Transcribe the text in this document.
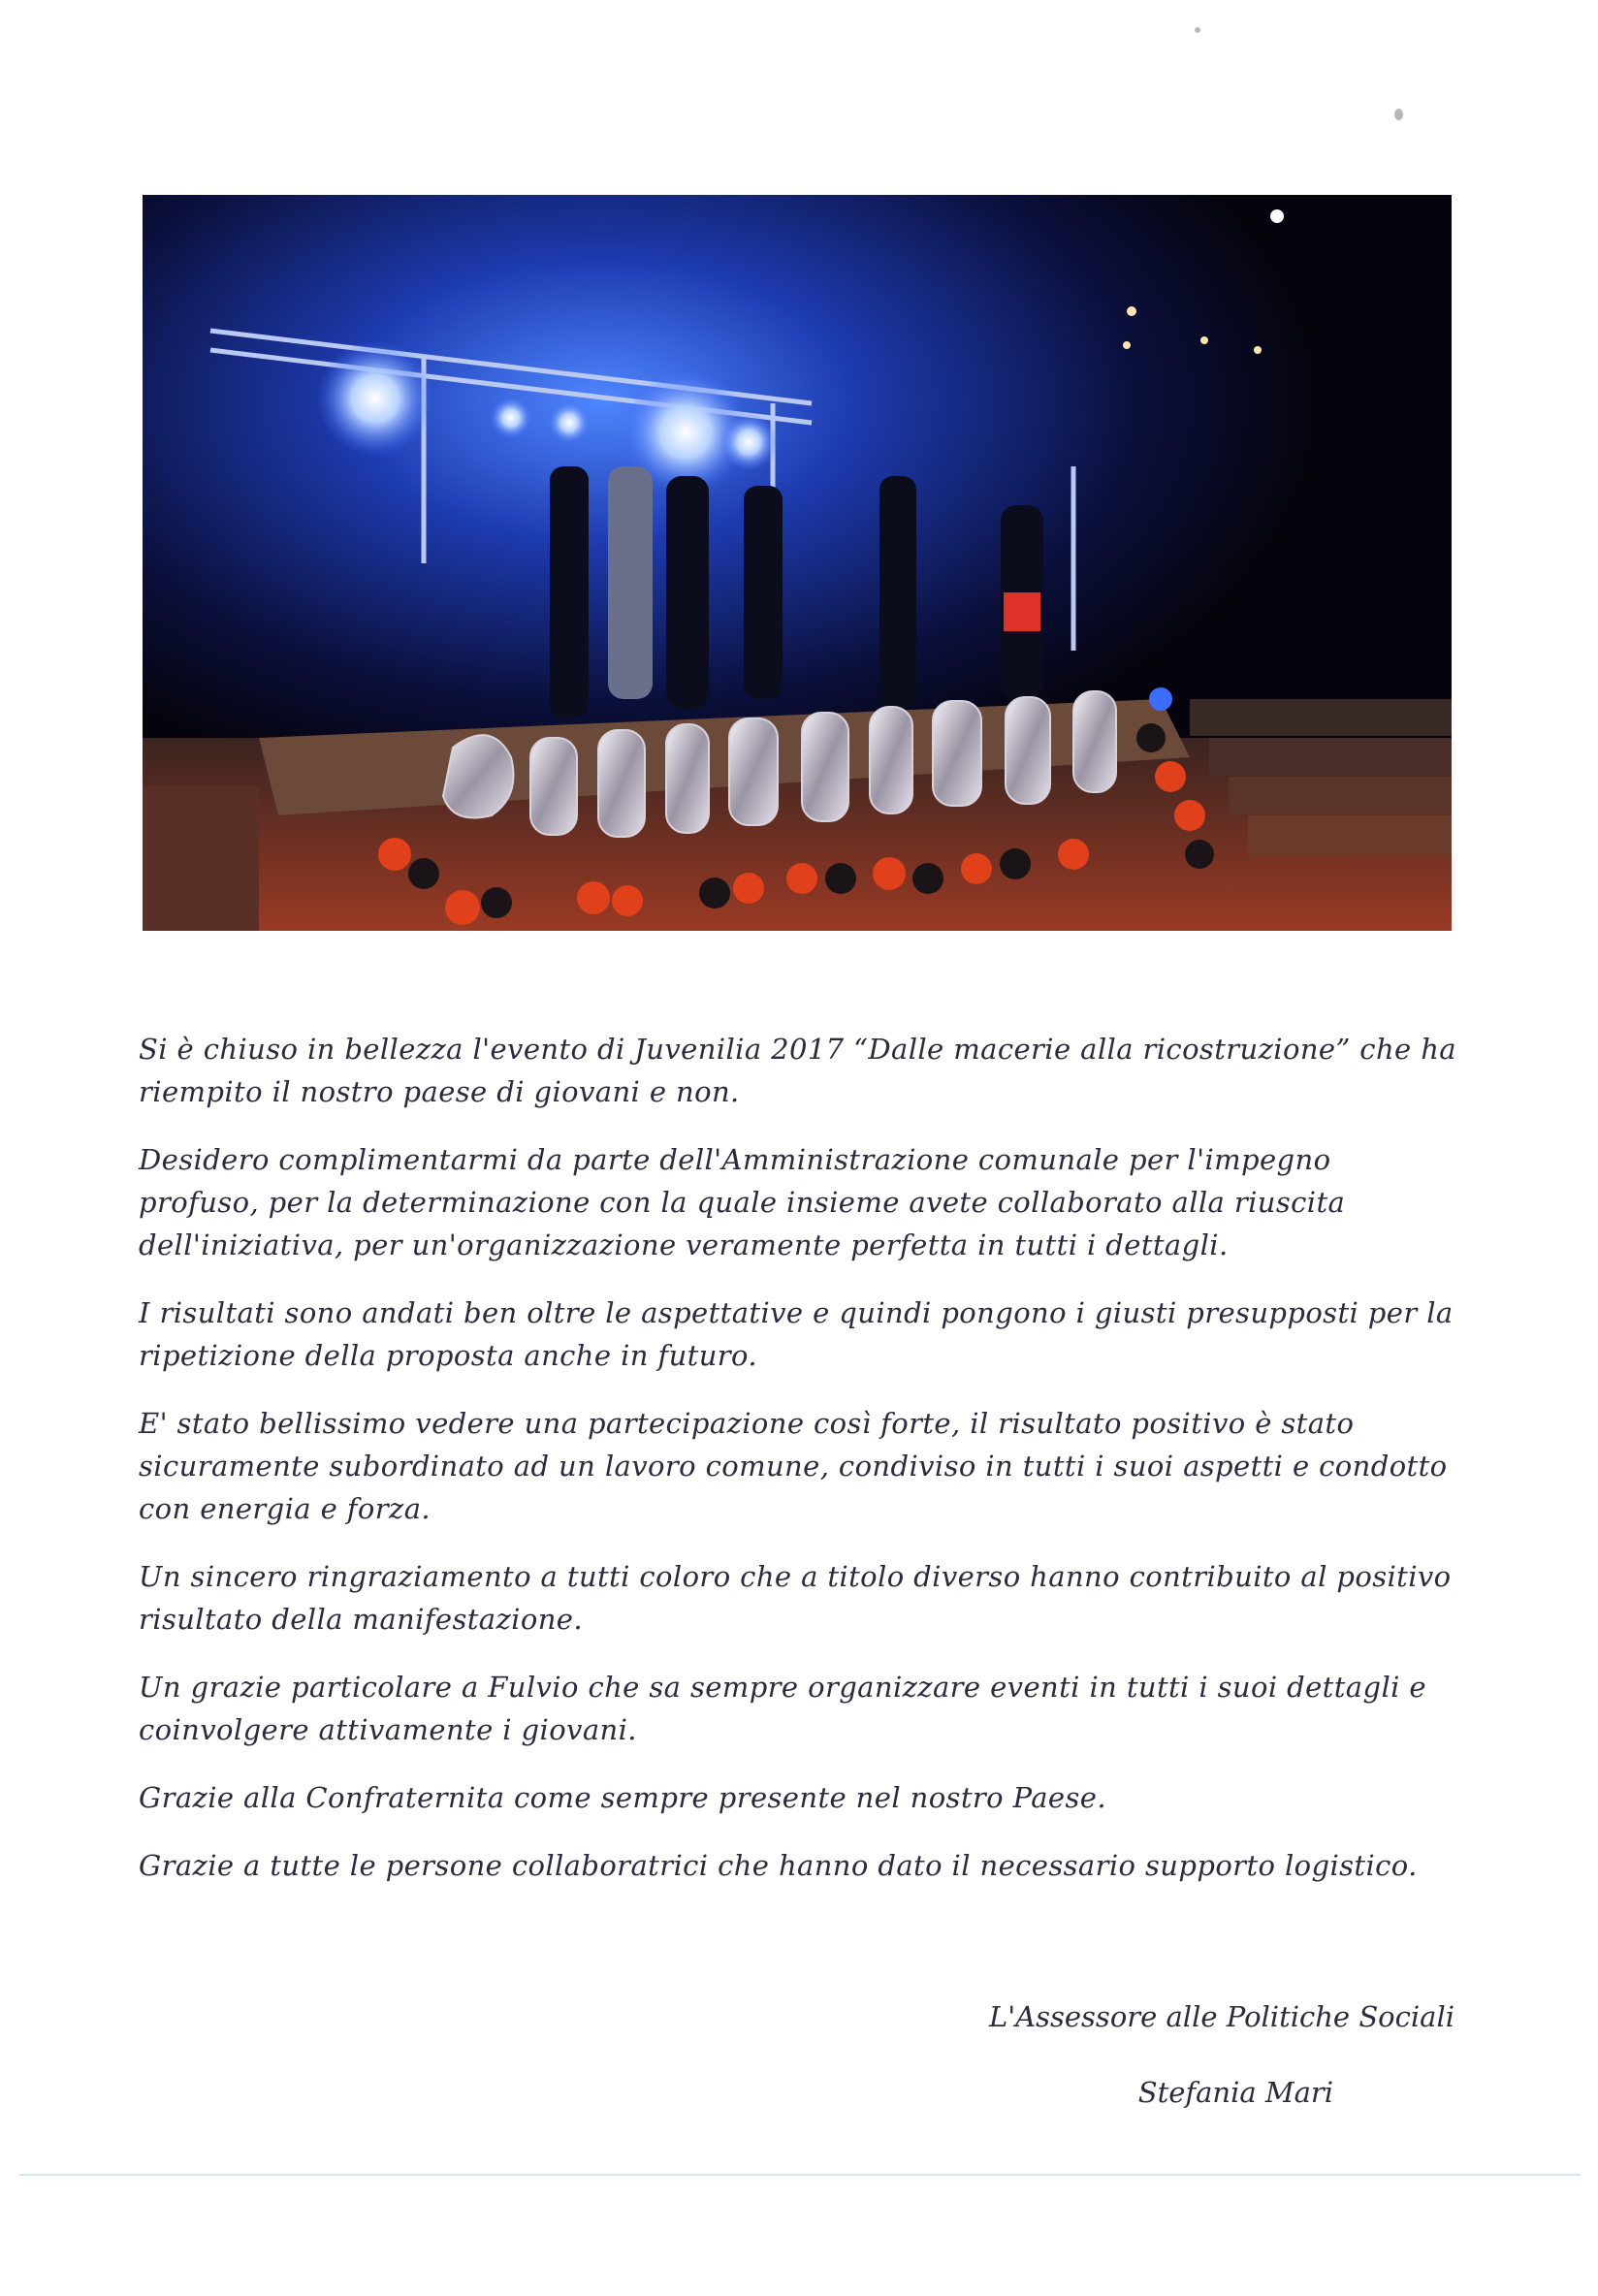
Si è chiuso in bellezza l'evento di Juvenilia 2017 “Dalle macerie alla ricostruzione” che ha riempito il nostro paese di giovani e non.

Desidero complimentarmi da parte dell'Amministrazione comunale per l'impegno profuso, per la determinazione con la quale insieme avete collaborato alla riuscita dell'iniziativa, per un'organizzazione veramente perfetta in tutti i dettagli.

I risultati sono andati ben oltre le aspettative e quindi pongono i giusti presupposti per la ripetizione della proposta anche in futuro.

E' stato bellissimo vedere una partecipazione così forte, il risultato positivo è stato sicuramente subordinato ad un lavoro comune, condiviso in tutti i suoi aspetti e condotto con energia e forza.

Un sincero ringraziamento a tutti coloro che a titolo diverso hanno contribuito al positivo risultato della manifestazione.

Un grazie particolare a Fulvio che sa sempre organizzare eventi in tutti i suoi dettagli e coinvolgere attivamente i giovani.

Grazie alla Confraternita come sempre presente nel nostro Paese.

Grazie a tutte le persone collaboratrici che hanno dato il necessario supporto logistico.

L'Assessore alle Politiche Sociali
Stefania Mari
